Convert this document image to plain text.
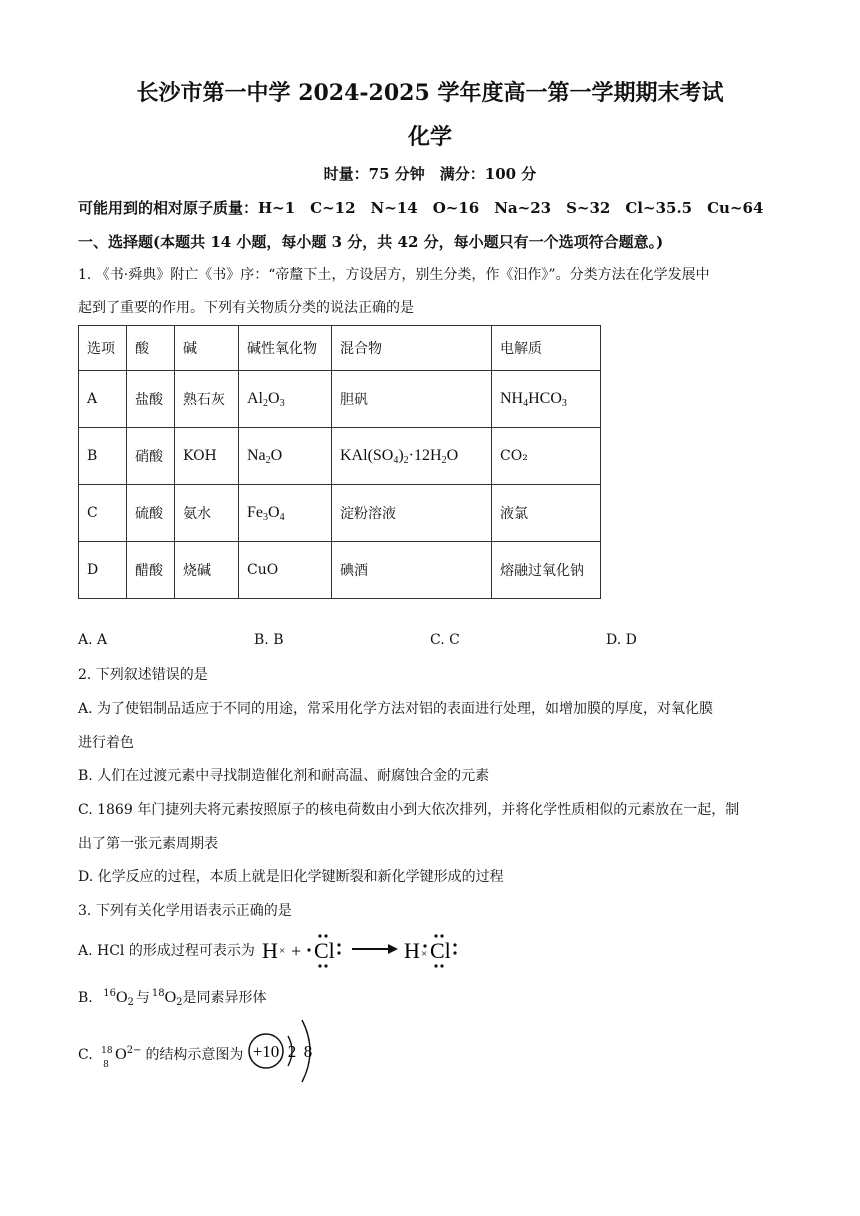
长沙市第一中学 2024-2025 学年度高一第一学期期末考试
化学
时量：75 分钟　满分：100 分
可能用到的相对原子质量：H~1　C~12　N~14　O~16　Na~23　S~32　Cl~35.5　Cu~64
一、选择题(本题共 14 小题，每小题 3 分，共 42 分，每小题只有一个选项符合题意。)
1. 《书·舜典》附亡《书》序：“帝釐下土，方设居方，别生分类，作《汨作》”。分类方法在化学发展中
起到了重要的作用。下列有关物质分类的说法正确的是
选项	酸	碱	碱性氧化物	混合物	电解质
A	盐酸	熟石灰	$Al_2O_3$	胆矾	$NH_4HCO_3$
B	硝酸	KOH	$Na_2O$	$KAl(SO_4)_2\cdot 12H_2O$	CO₂
C	硫酸	氨水	$Fe_3O_4$	淀粉溶液	液氯
D	醋酸	烧碱	CuO	碘酒	熔融过氧化钠
A. A	B. B	C. C	D. D
2. 下列叙述错误的是
A. 为了使铝制品适应于不同的用途，常采用化学方法对铝的表面进行处理，如增加膜的厚度，对氧化膜
进行着色
B. 人们在过渡元素中寻找制造催化剂和耐高温、耐腐蚀合金的元素
C. 1869 年门捷列夫将元素按照原子的核电荷数由小到大依次排列，并将化学性质相似的元素放在一起，制
出了第一张元素周期表
D. 化学反应的过程，本质上就是旧化学键断裂和新化学键形成的过程
3. 下列有关化学用语表示正确的是
A. HCl 的形成过程可表示为 H × + Cl	H × Cl
B. $^{16}O_2$ 与 $^{18}O_2$是同素异形体
C. 18
8
$O^{2-}$ 的结构示意图为 +10 2 8
